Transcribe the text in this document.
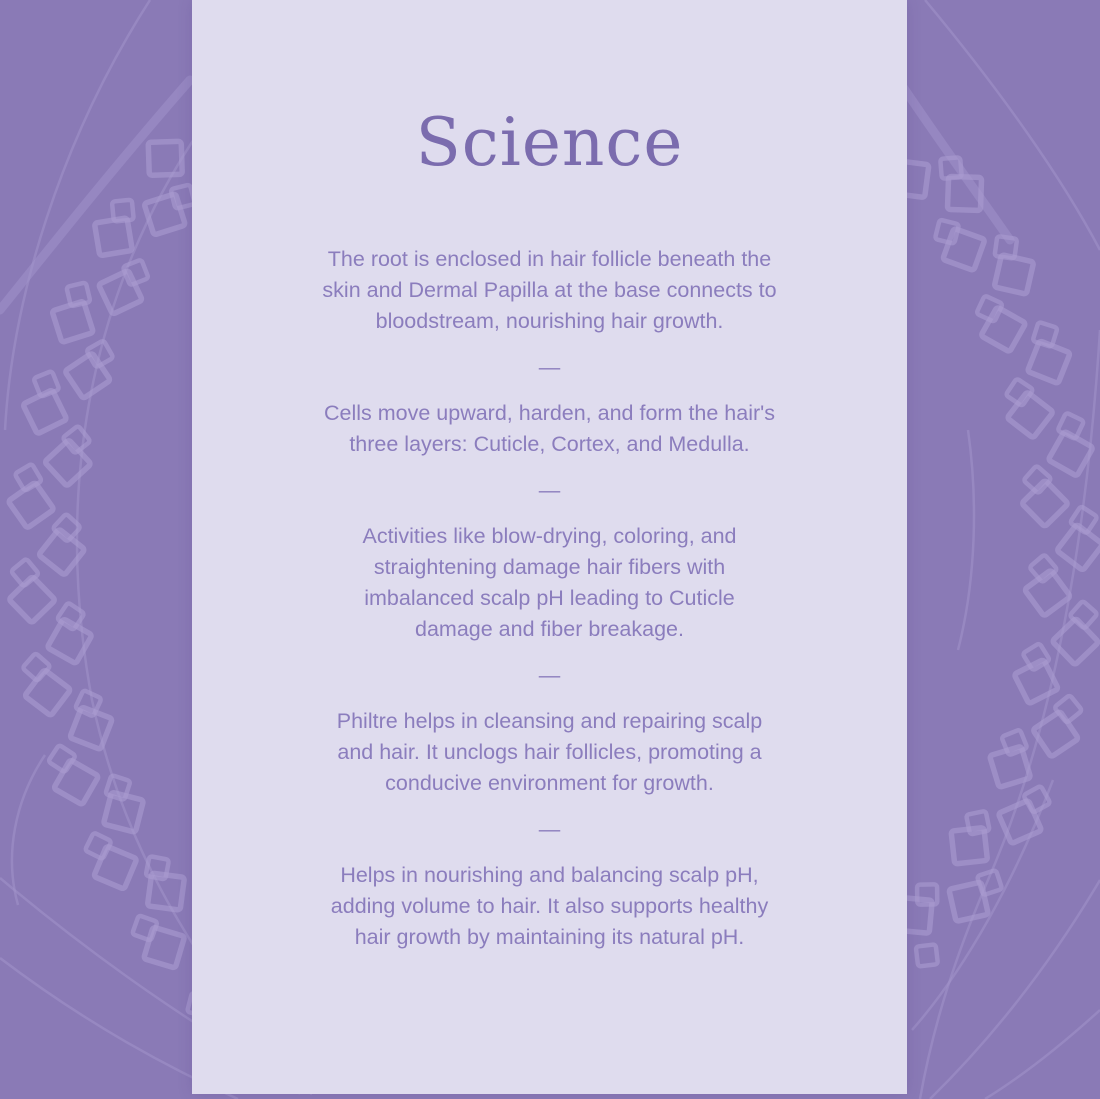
Science

The root is enclosed in hair follicle beneath the
skin and Dermal Papilla at the base connects to
bloodstream, nourishing hair growth.

—

Cells move upward, harden, and form the hair's
three layers: Cuticle, Cortex, and Medulla.

—

Activities like blow-drying, coloring, and
straightening damage hair fibers with
imbalanced scalp pH leading to Cuticle
damage and fiber breakage.

—

Philtre helps in cleansing and repairing scalp
and hair. It unclogs hair follicles, promoting a
conducive environment for growth.

—

Helps in nourishing and balancing scalp pH,
adding volume to hair. It also supports healthy
hair growth by maintaining its natural pH.
